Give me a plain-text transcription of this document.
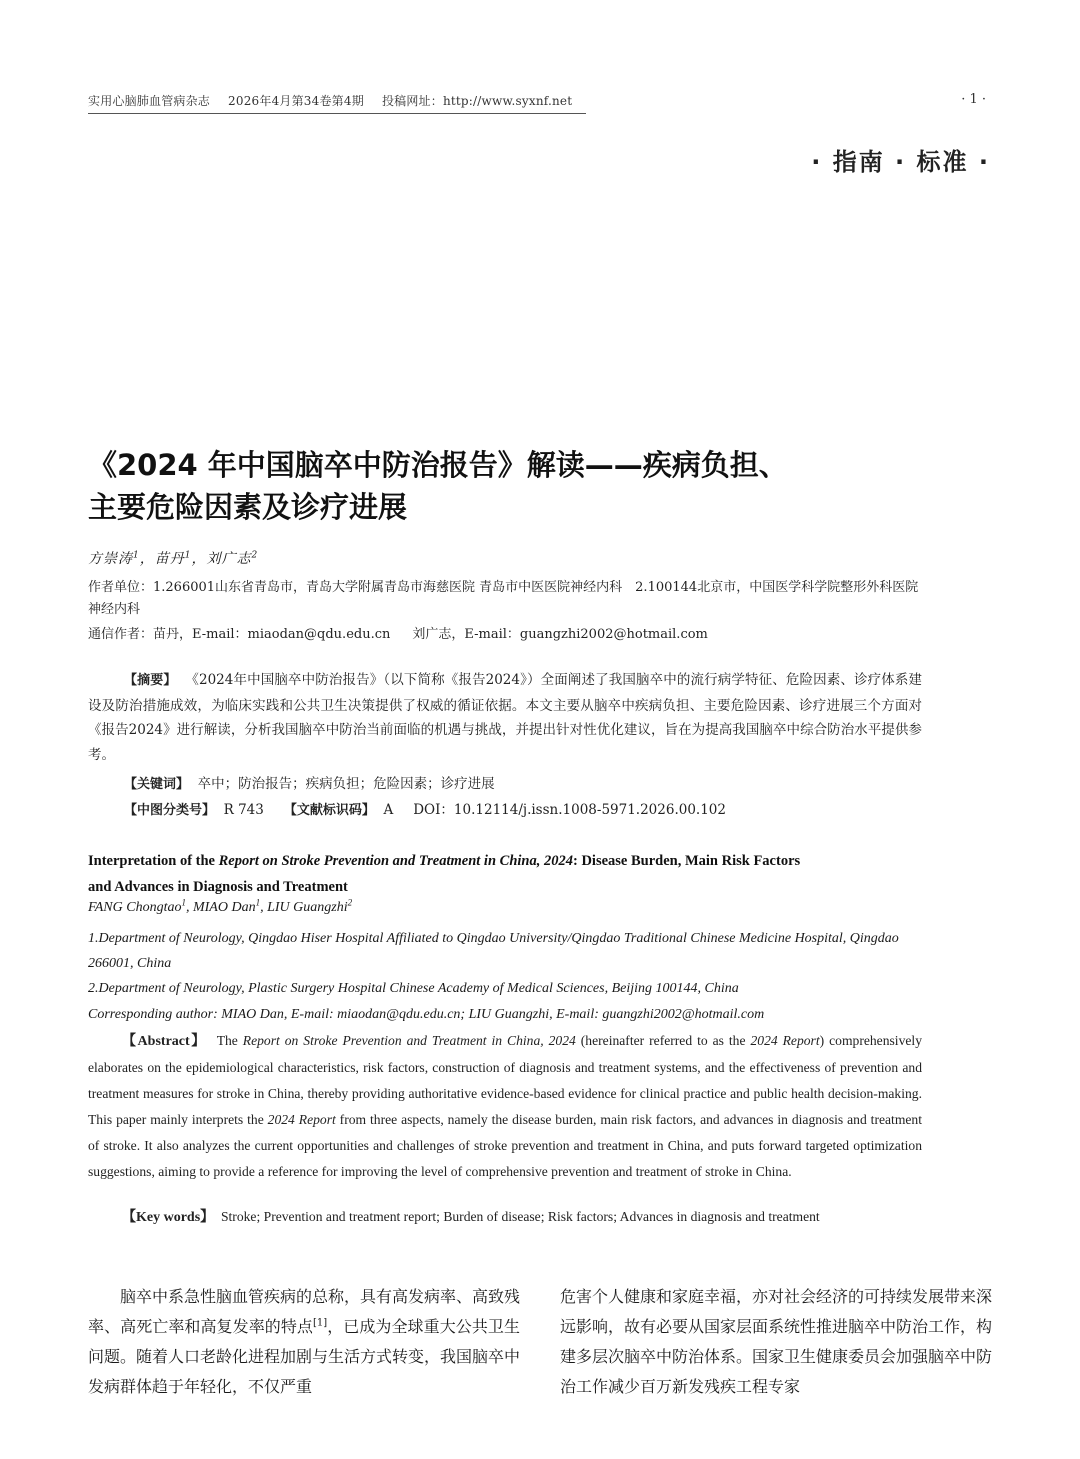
实用心脑肺血管病杂志 2026年4月第34卷第4期 投稿网址：http://www.syxnf.net	· 1 ·
· 指南 · 标准 ·
《2024 年中国脑卒中防治报告》解读——疾病负担、
主要危险因素及诊疗进展
方崇涛$^1$，苗丹$^1$，刘广志$^2$
作者单位：1.266001山东省青岛市，青岛大学附属青岛市海慈医院 青岛市中医医院神经内科　2.100144北京市，中国医学科学院整形外科医院神经内科
通信作者：苗丹，E-mail：miaodan@qdu.edu.cn 刘广志，E-mail：guangzhi2002@hotmail.com
【摘要】 《2024年中国脑卒中防治报告》（以下简称《报告2024》）全面阐述了我国脑卒中的流行病学特征、危险因素、诊疗体系建设及防治措施成效，为临床实践和公共卫生决策提供了权威的循证依据。本文主要从脑卒中疾病负担、主要危险因素、诊疗进展三个方面对《报告2024》进行解读，分析我国脑卒中防治当前面临的机遇与挑战，并提出针对性优化建议，旨在为提高我国脑卒中综合防治水平提供参考。
【关键词】 卒中；防治报告；疾病负担；危险因素；诊疗进展
【中图分类号】 R 743 【文献标识码】 A DOI：10.12114/j.issn.1008-5971.2026.00.102
Interpretation of the Report on Stroke Prevention and Treatment in China, 2024: Disease Burden, Main Risk Factors
and Advances in Diagnosis and Treatment
FANG Chongtao$^1$, MIAO Dan$^1$, LIU Guangzhi$^2$
1.Department of Neurology, Qingdao Hiser Hospital Affiliated to Qingdao University/Qingdao Traditional Chinese Medicine Hospital, Qingdao 266001, China
2.Department of Neurology, Plastic Surgery Hospital Chinese Academy of Medical Sciences, Beijing 100144, China
Corresponding author: MIAO Dan, E-mail: miaodan@qdu.edu.cn; LIU Guangzhi, E-mail: guangzhi2002@hotmail.com
【Abstract】 The Report on Stroke Prevention and Treatment in China, 2024 (hereinafter referred to as the 2024 Report) comprehensively elaborates on the epidemiological characteristics, risk factors, construction of diagnosis and treatment systems, and the effectiveness of prevention and treatment measures for stroke in China, thereby providing authoritative evidence-based evidence for clinical practice and public health decision-making. This paper mainly interprets the 2024 Report from three aspects, namely the disease burden, main risk factors, and advances in diagnosis and treatment of stroke. It also analyzes the current opportunities and challenges of stroke prevention and treatment in China, and puts forward targeted optimization suggestions, aiming to provide a reference for improving the level of comprehensive prevention and treatment of stroke in China.
【Key words】 Stroke; Prevention and treatment report; Burden of disease; Risk factors; Advances in diagnosis and treatment
脑卒中系急性脑血管疾病的总称，具有高发病率、高致残率、高死亡率和高复发率的特点[1]，已成为全球重大公共卫生问题。随着人口老龄化进程加剧与生活方式转变，我国脑卒中发病群体趋于年轻化，不仅严重
危害个人健康和家庭幸福，亦对社会经济的可持续发展带来深远影响，故有必要从国家层面系统性推进脑卒中防治工作，构建多层次脑卒中防治体系。国家卫生健康委员会加强脑卒中防治工作减少百万新发残疾工程专家
